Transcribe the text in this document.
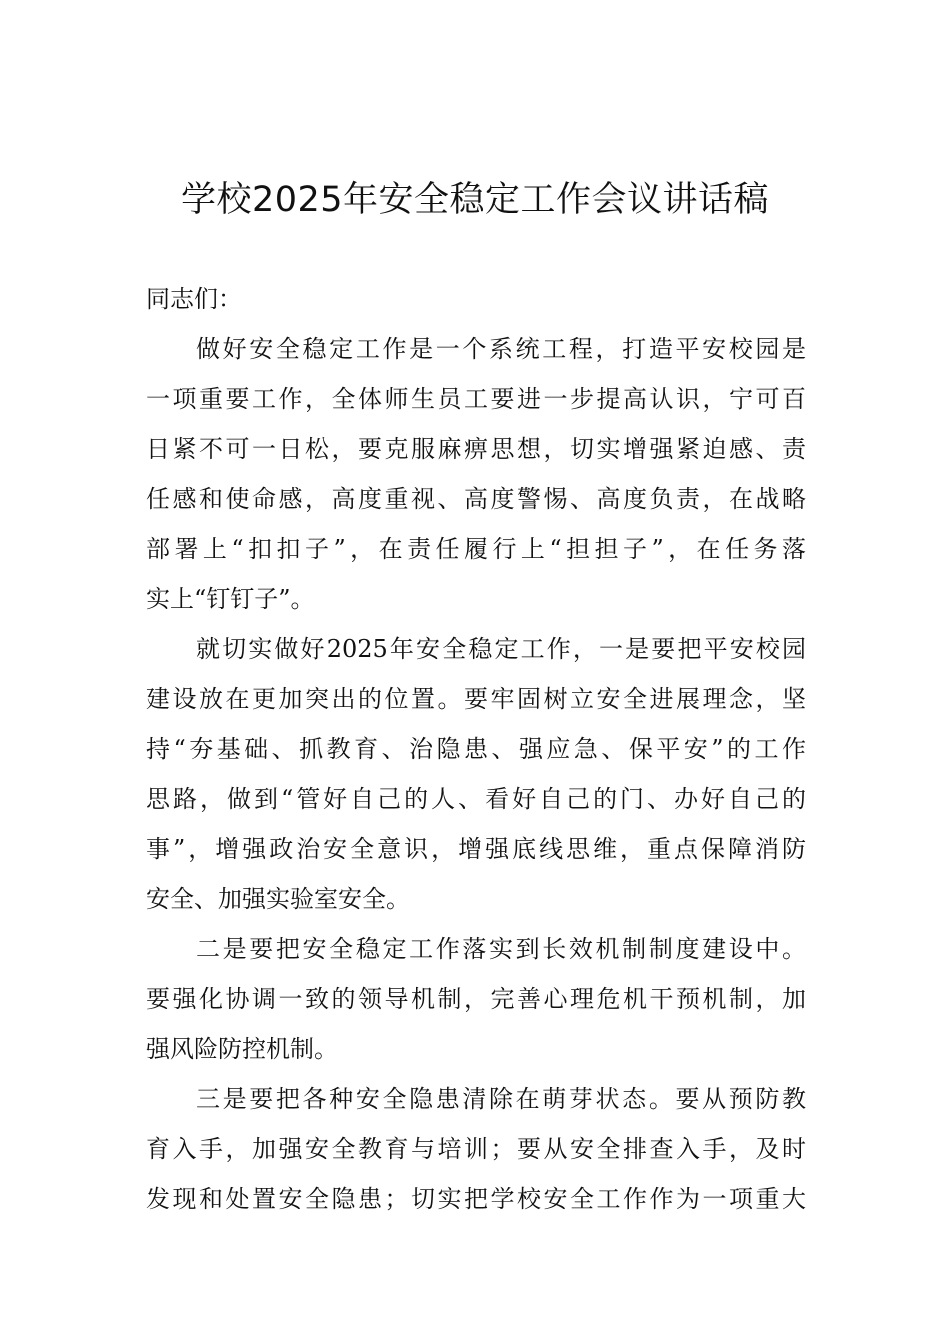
学校2025年安全稳定工作会议讲话稿

同志们：

做好安全稳定工作是一个系统工程，打造平安校园是
一项重要工作，全体师生员工要进一步提高认识，宁可百
日紧不可一日松，要克服麻痹思想，切实增强紧迫感、责
任感和使命感，高度重视、高度警惕、高度负责，在战略
部署上“扣扣子”，在责任履行上“担担子”，在任务落
实上“钉钉子”。

就切实做好2025年安全稳定工作，一是要把平安校园
建设放在更加突出的位置。要牢固树立安全进展理念，坚
持“夯基础、抓教育、治隐患、强应急、保平安”的工作
思路，做到“管好自己的人、看好自己的门、办好自己的
事”，增强政治安全意识，增强底线思维，重点保障消防
安全、加强实验室安全。

二是要把安全稳定工作落实到长效机制制度建设中。
要强化协调一致的领导机制，完善心理危机干预机制，加
强风险防控机制。

三是要把各种安全隐患清除在萌芽状态。要从预防教
育入手，加强安全教育与培训；要从安全排查入手，及时
发现和处置安全隐患；切实把学校安全工作作为一项重大
